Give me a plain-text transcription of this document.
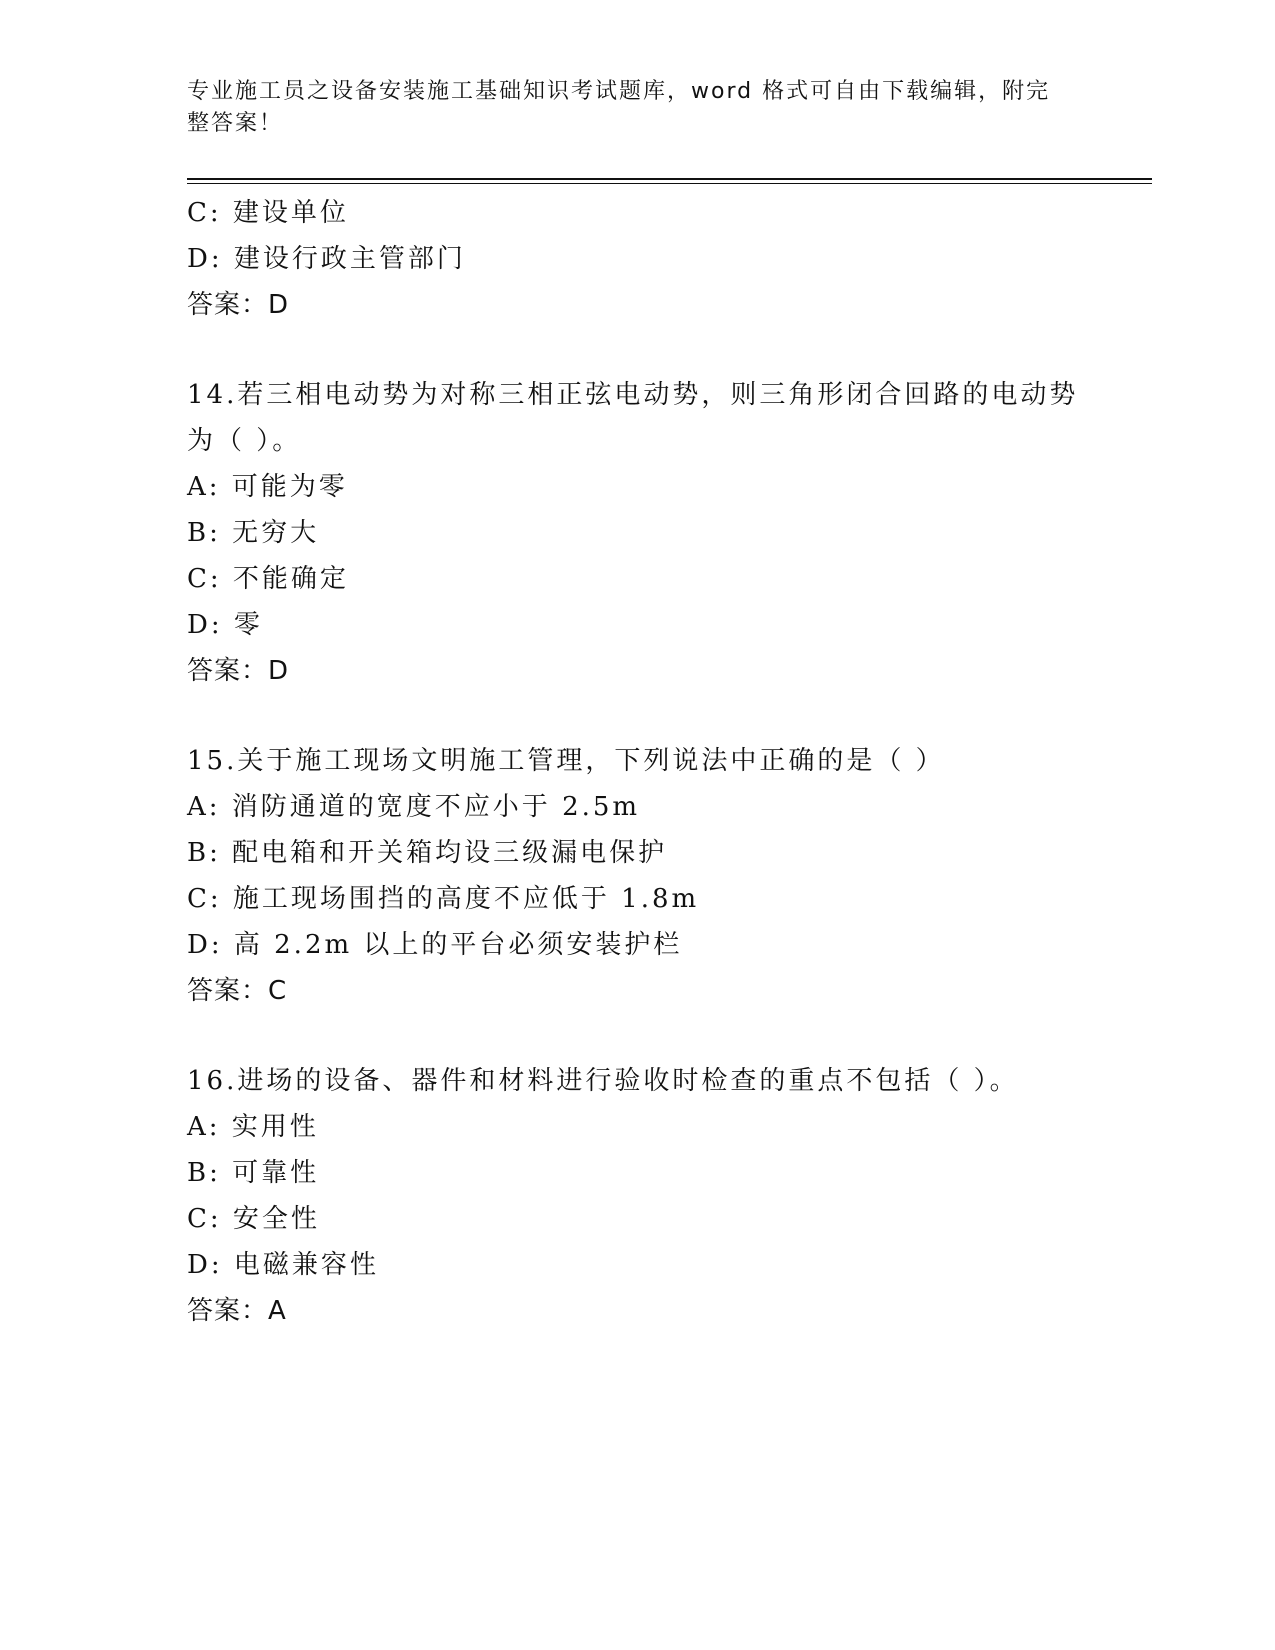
专业施工员之设备安装施工基础知识考试题库，word 格式可自由下载编辑，附完整答案！
C: 建设单位
D: 建设行政主管部门
答案：D
14.若三相电动势为对称三相正弦电动势，则三角形闭合回路的电动势为（ ）。
A: 可能为零
B: 无穷大
C: 不能确定
D: 零
答案：D
15.关于施工现场文明施工管理，下列说法中正确的是（ ）
A: 消防通道的宽度不应小于 2.5m
B: 配电箱和开关箱均设三级漏电保护
C: 施工现场围挡的高度不应低于 1.8m
D: 高 2.2m 以上的平台必须安装护栏
答案：C
16.进场的设备、器件和材料进行验收时检查的重点不包括（ ）。
A: 实用性
B: 可靠性
C: 安全性
D: 电磁兼容性
答案：A
